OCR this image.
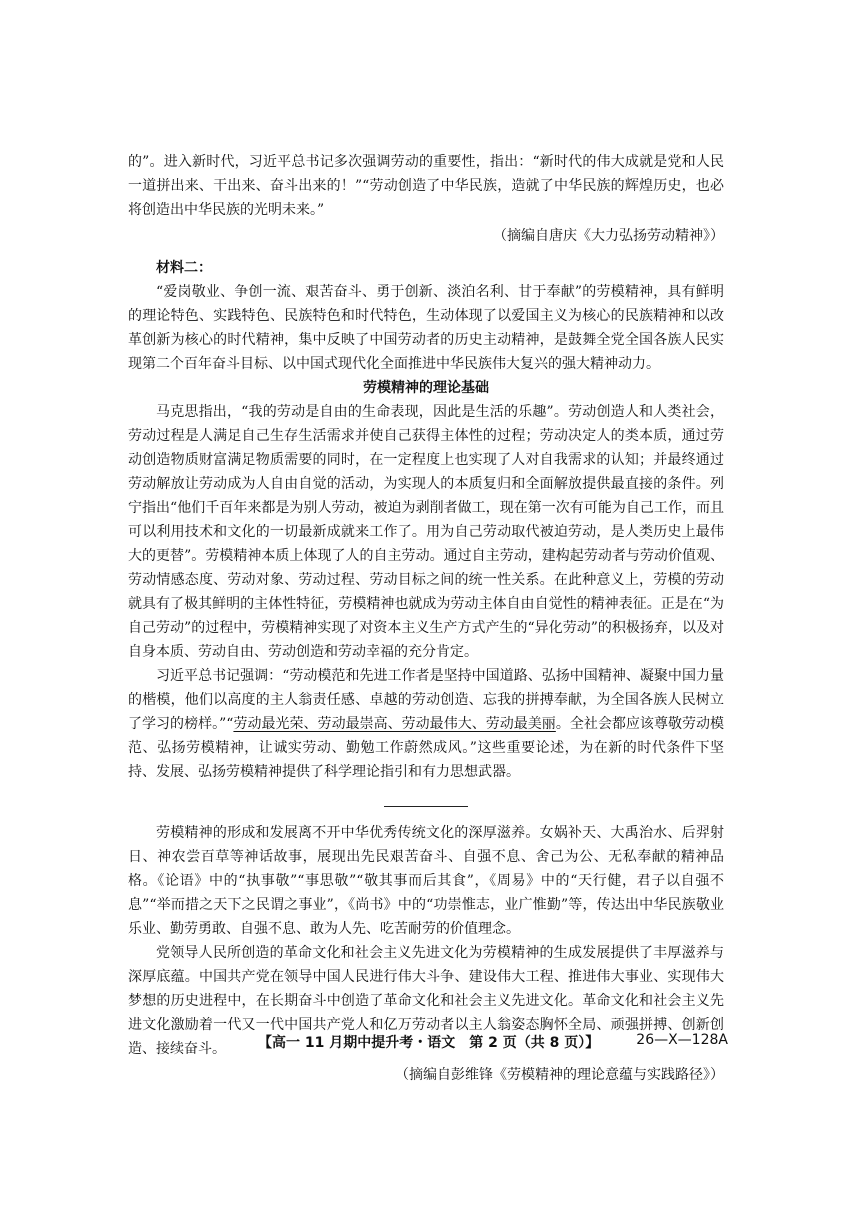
的”。进入新时代，习近平总书记多次强调劳动的重要性，指出：“新时代的伟大成就是党和人民一道拼出来、干出来、奋斗出来的！”“劳动创造了中华民族，造就了中华民族的辉煌历史，也必将创造出中华民族的光明未来。”

（摘编自唐庆《大力弘扬劳动精神》）
材料二：

“爱岗敬业、争创一流、艰苦奋斗、勇于创新、淡泊名利、甘于奉献”的劳模精神，具有鲜明的理论特色、实践特色、民族特色和时代特色，生动体现了以爱国主义为核心的民族精神和以改革创新为核心的时代精神，集中反映了中国劳动者的历史主动精神，是鼓舞全党全国各族人民实现第二个百年奋斗目标、以中国式现代化全面推进中华民族伟大复兴的强大精神动力。

劳模精神的理论基础

马克思指出，“我的劳动是自由的生命表现，因此是生活的乐趣”。劳动创造人和人类社会，劳动过程是人满足自己生存生活需求并使自己获得主体性的过程；劳动决定人的类本质，通过劳动创造物质财富满足物质需要的同时，在一定程度上也实现了人对自我需求的认知；并最终通过劳动解放让劳动成为人自由自觉的活动，为实现人的本质复归和全面解放提供最直接的条件。列宁指出“他们千百年来都是为别人劳动，被迫为剥削者做工，现在第一次有可能为自己工作，而且可以利用技术和文化的一切最新成就来工作了。用为自己劳动取代被迫劳动，是人类历史上最伟大的更替”。劳模精神本质上体现了人的自主劳动。通过自主劳动，建构起劳动者与劳动价值观、劳动情感态度、劳动对象、劳动过程、劳动目标之间的统一性关系。在此种意义上，劳模的劳动就具有了极其鲜明的主体性特征，劳模精神也就成为劳动主体自由自觉性的精神表征。正是在“为自己劳动”的过程中，劳模精神实现了对资本主义生产方式产生的“异化劳动”的积极扬弃，以及对自身本质、劳动自由、劳动创造和劳动幸福的充分肯定。

习近平总书记强调：“劳动模范和先进工作者是坚持中国道路、弘扬中国精神、凝聚中国力量的楷模，他们以高度的主人翁责任感、卓越的劳动创造、忘我的拼搏奉献，为全国各族人民树立了学习的榜样。”“劳动最光荣、劳动最崇高、劳动最伟大、劳动最美丽。全社会都应该尊敬劳动模范、弘扬劳模精神，让诚实劳动、勤勉工作蔚然成风。”这些重要论述，为在新的时代条件下坚持、发展、弘扬劳模精神提供了科学理论指引和有力思想武器。

劳模精神的形成和发展离不开中华优秀传统文化的深厚滋养。女娲补天、大禹治水、后羿射日、神农尝百草等神话故事，展现出先民艰苦奋斗、自强不息、舍己为公、无私奉献的精神品格。《论语》中的“执事敬”“事思敬”“敬其事而后其食”，《周易》中的“天行健，君子以自强不息”“举而措之天下之民谓之事业”，《尚书》中的“功崇惟志，业广惟勤”等，传达出中华民族敬业乐业、勤劳勇敢、自强不息、敢为人先、吃苦耐劳的价值理念。

党领导人民所创造的革命文化和社会主义先进文化为劳模精神的生成发展提供了丰厚滋养与深厚底蕴。中国共产党在领导中国人民进行伟大斗争、建设伟大工程、推进伟大事业、实现伟大梦想的历史进程中，在长期奋斗中创造了革命文化和社会主义先进文化。革命文化和社会主义先进文化激励着一代又一代中国共产党人和亿万劳动者以主人翁姿态胸怀全局、顽强拼搏、创新创造、接续奋斗。

（摘编自彭维锋《劳模精神的理论意蕴与实践路径》）
【高一 11 月期中提升考・语文　第 2 页（共 8 页）】	26—X—128A
